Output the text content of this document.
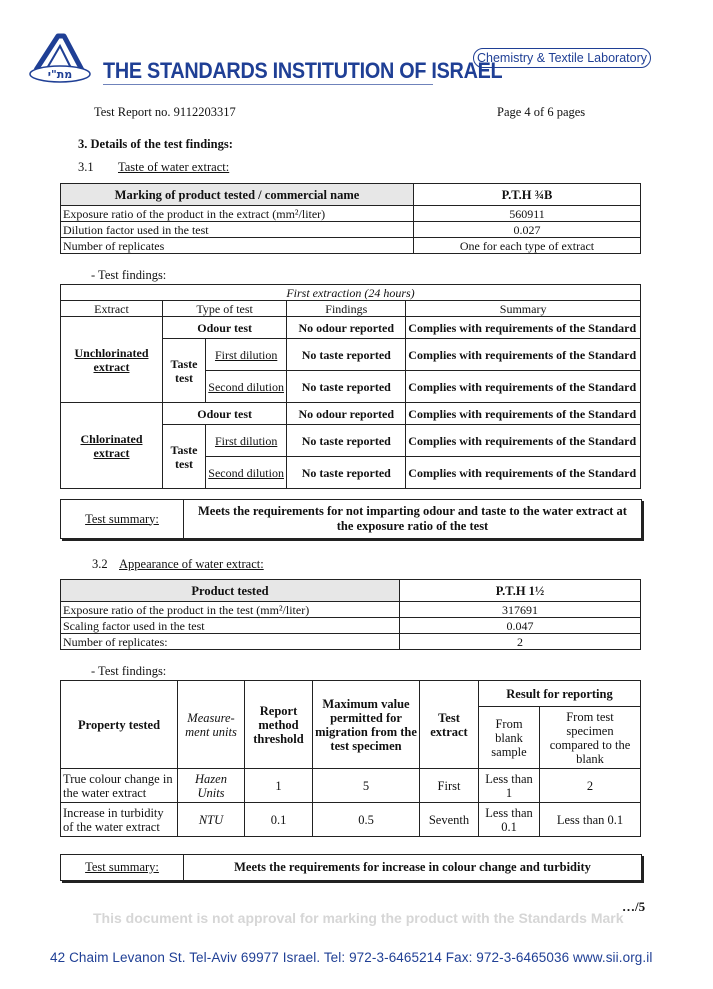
מת"י THE STANDARDS INSTITUTION OF ISRAEL
Chemistry & Textile Laboratory
Test Report no. 9112203317	Page 4 of 6 pages
3. Details of the test findings:
3.1 Taste of water extract:
Marking of product tested / commercial name	P.T.H ¾B
Exposure ratio of the product in the extract (mm²/liter)	560911
Dilution factor used in the test	0.027
Number of replicates	One for each type of extract
- Test findings:
First extraction (24 hours)				
Extract	Type of test		Findings	Summary
Unchlorinated extract	Odour test		No odour reported	Complies with requirements of the Standard
	Taste test	First dilution	No taste reported	Complies with requirements of the Standard
		Second dilution	No taste reported	Complies with requirements of the Standard
Chlorinated extract	Odour test		No odour reported	Complies with requirements of the Standard
	Taste test	First dilution	No taste reported	Complies with requirements of the Standard
		Second dilution	No taste reported	Complies with requirements of the Standard
Test summary:
Meets the requirements for not imparting odour and taste to the water extract at the exposure ratio of the test
3.2 Appearance of water extract:
Product tested	P.T.H 1½
Exposure ratio of the product in the test (mm²/liter)	317691
Scaling factor used in the test	0.047
Number of replicates:	2
- Test findings:
Property tested	Measure-ment units	Report method threshold	Maximum value permitted for migration from the test specimen	Test extract	Result for reporting	
					From blank sample	From test specimen compared to the blank
True colour change in the water extract	Hazen Units	1	5	First	Less than 1	2
Increase in turbidity of the water extract	NTU	0.1	0.5	Seventh	Less than 0.1	Less than 0.1
Test summary:	Meets the requirements for increase in colour change and turbidity
…/5
This document is not approval for marking the product with the Standards Mark
42 Chaim Levanon St. Tel-Aviv 69977 Israel. Tel: 972-3-6465214 Fax: 972-3-6465036 www.sii.org.il
